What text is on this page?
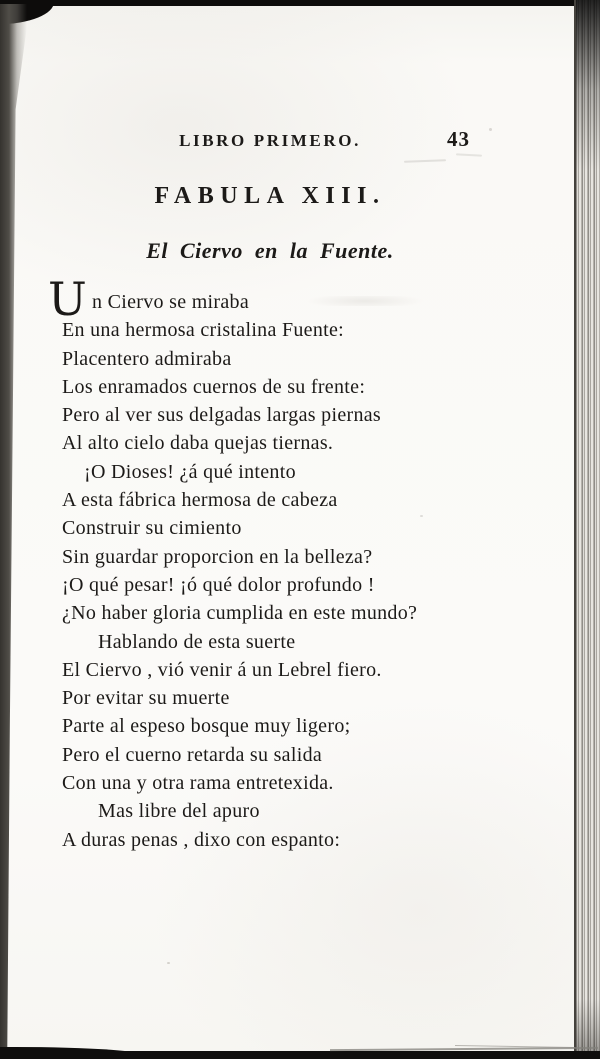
LIBRO PRIMERO.	43
FABULA XIII.
El Ciervo en la Fuente.
U n Ciervo se miraba
En una hermosa cristalina Fuente:
Placentero admiraba
Los enramados cuernos de su frente:
Pero al ver sus delgadas largas piernas
Al alto cielo daba quejas tiernas.
¡O Dioses! ¿á qué intento
A esta fábrica hermosa de cabeza
Construir su cimiento
Sin guardar proporcion en la belleza?
¡O qué pesar! ¡ó qué dolor profundo !
¿No haber gloria cumplida en este mundo?
Hablando de esta suerte
El Ciervo , vió venir á un Lebrel fiero.
Por evitar su muerte
Parte al espeso bosque muy ligero;
Pero el cuerno retarda su salida
Con una y otra rama entretexida.
Mas libre del apuro
A duras penas , dixo con espanto:
